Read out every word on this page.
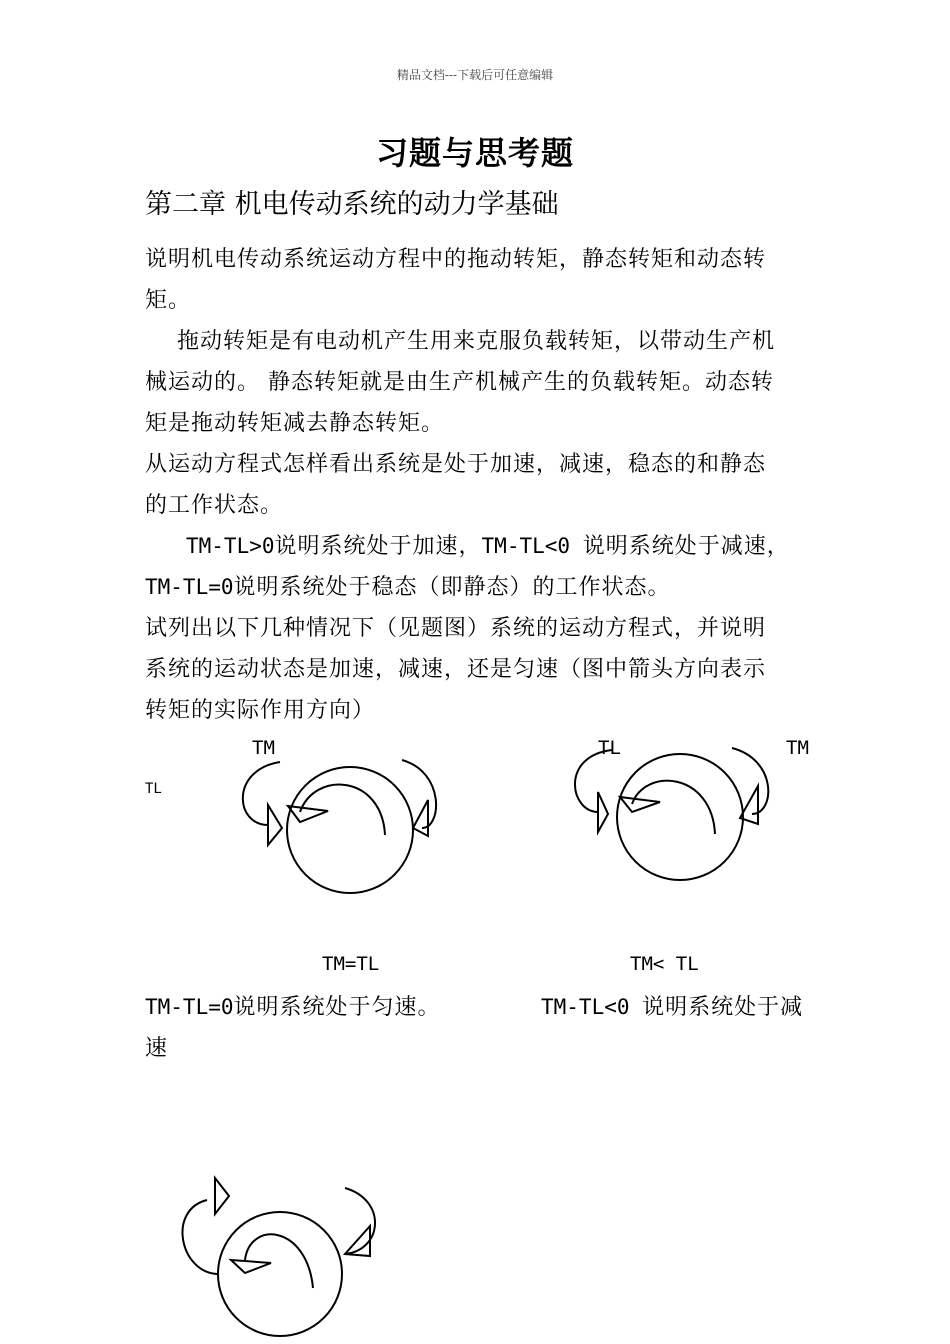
精品文档---下载后可任意编辑
习题与思考题
第二章 机电传动系统的动力学基础
说明机电传动系统运动方程中的拖动转矩，静态转矩和动态转
矩。
拖动转矩是有电动机产生用来克服负载转矩，以带动生产机
械运动的。 静态转矩就是由生产机械产生的负载转矩。动态转
矩是拖动转矩减去静态转矩。
从运动方程式怎样看出系统是处于加速，减速，稳态的和静态
的工作状态。
TM-TL>0说明系统处于加速，TM-TL<0 说明系统处于减速，
TM-TL=0说明系统处于稳态（即静态）的工作状态。
试列出以下几种情况下（见题图）系统的运动方程式，并说明
系统的运动状态是加速，减速，还是匀速（图中箭头方向表示
转矩的实际作用方向）
TM
TL
TL	TM
TM=TL	TM< TL
TM-TL=0说明系统处于匀速。	TM-TL<0 说明系统处于减
速
